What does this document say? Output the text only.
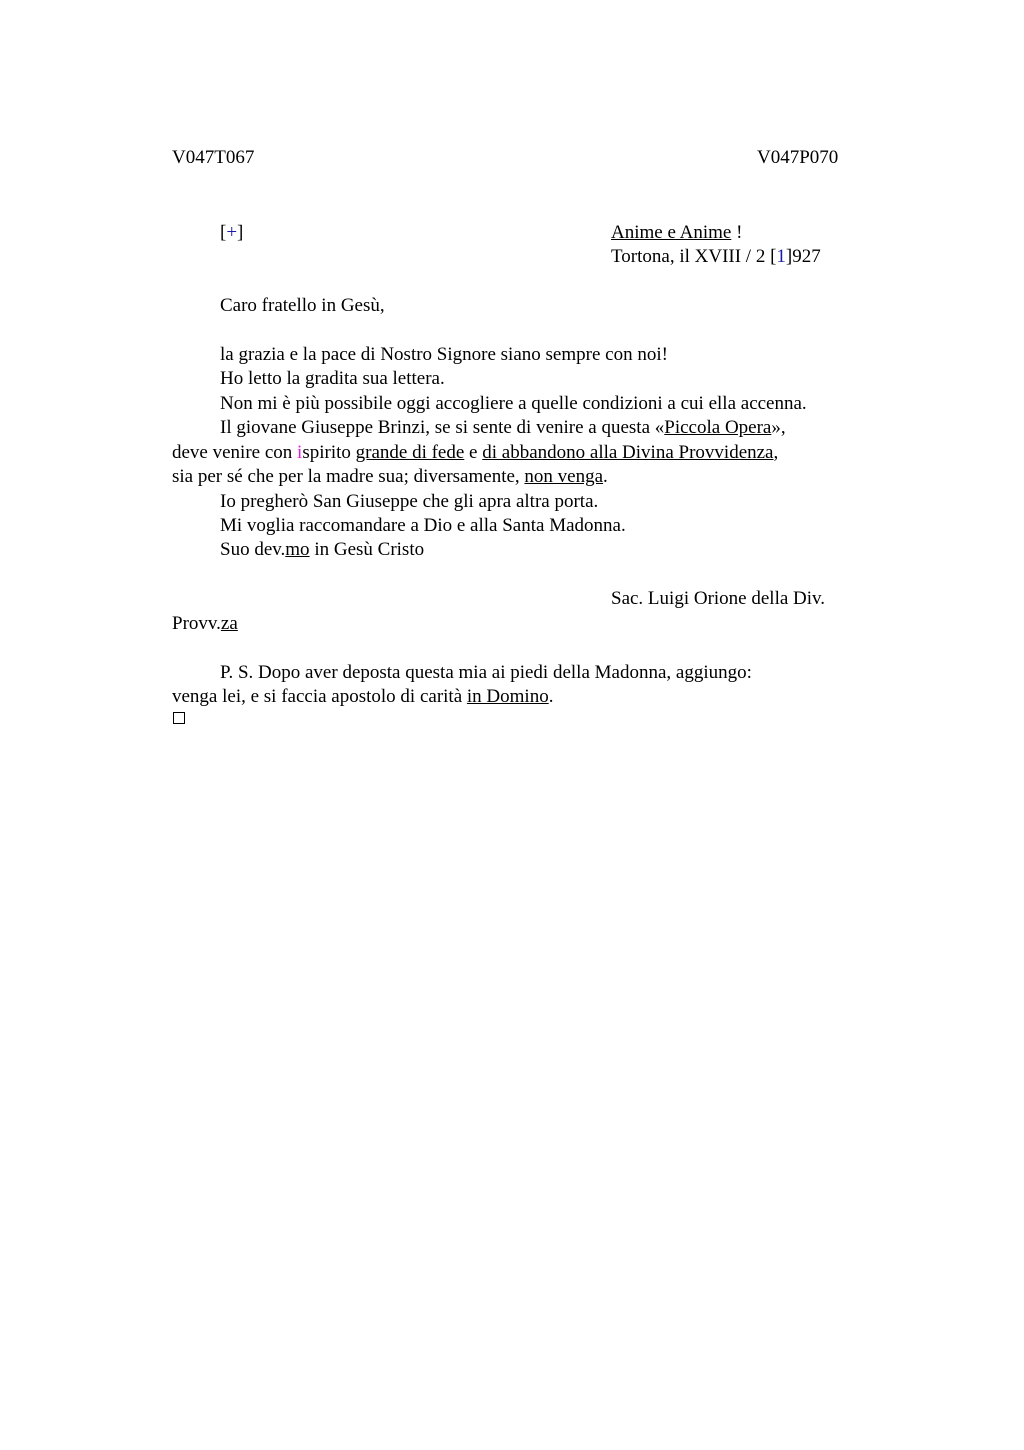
V047T067	V047P070
[+]	Anime e Anime !
Tortona, il XVIII / 2 [1]927
Caro fratello in Gesù,
la grazia e la pace di Nostro Signore siano sempre con noi!
Ho letto la gradita sua lettera.
Non mi è più possibile oggi accogliere a quelle condizioni a cui ella accenna.
Il giovane Giuseppe Brinzi, se si sente di venire a questa «Piccola Opera»,
deve venire con ispirito grande di fede e di abbandono alla Divina Provvidenza,
sia per sé che per la madre sua; diversamente, non venga.
Io pregherò San Giuseppe che gli apra altra porta.
Mi voglia raccomandare a Dio e alla Santa Madonna.
Suo dev.mo in Gesù Cristo
Sac. Luigi Orione della Div.
Provv.za
P. S. Dopo aver deposta questa mia ai piedi della Madonna, aggiungo:
venga lei, e si faccia apostolo di carità in Domino.
